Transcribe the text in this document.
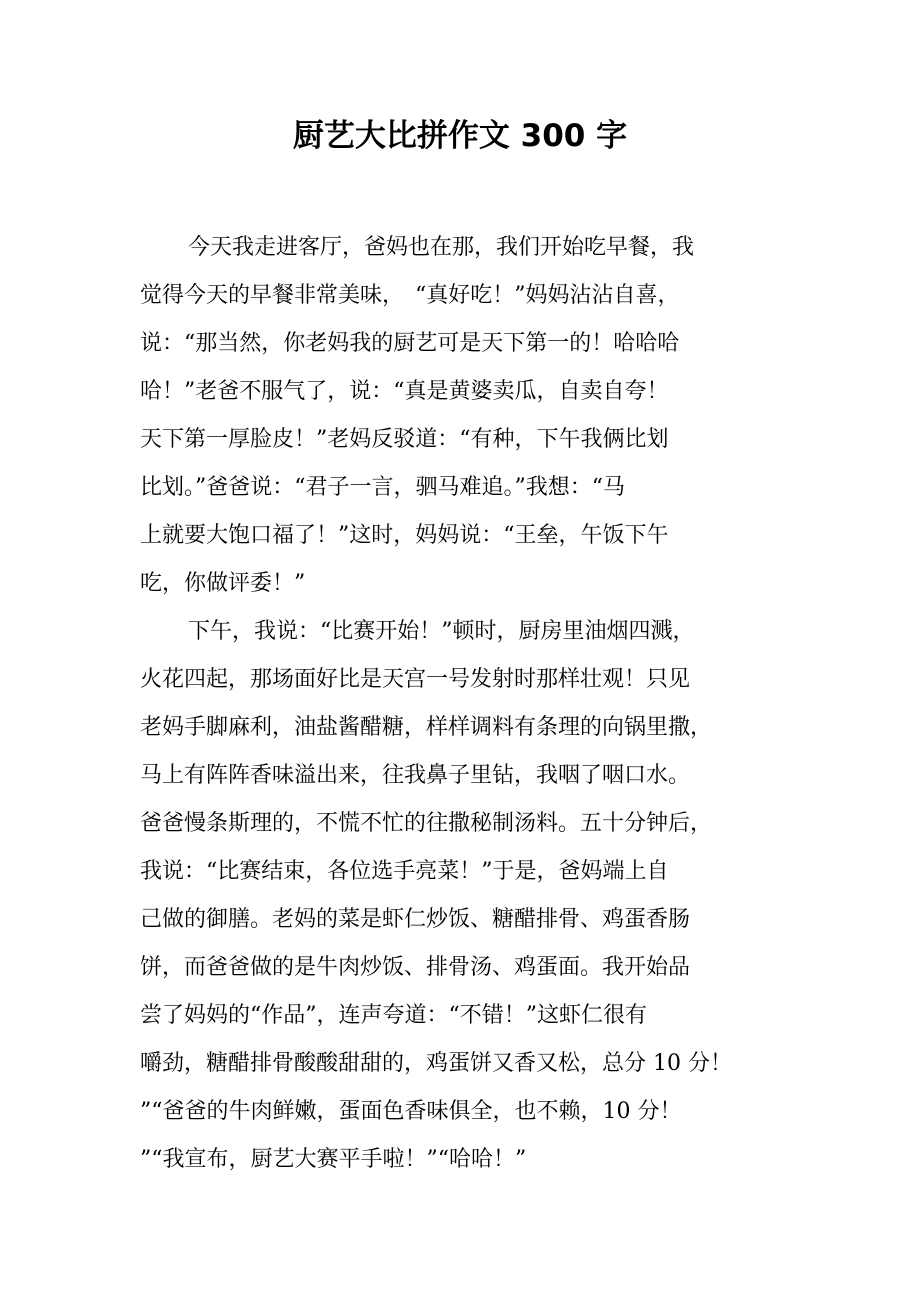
厨艺大比拼作文 300 字

今天我走进客厅，爸妈也在那，我们开始吃早餐，我

觉得今天的早餐非常美味，　“真好吃！”妈妈沾沾自喜，

说：“那当然，你老妈我的厨艺可是天下第一的！哈哈哈

哈！”老爸不服气了，说：“真是黄婆卖瓜，自卖自夸！

天下第一厚脸皮！”老妈反驳道：“有种，下午我俩比划

比划。”爸爸说：“君子一言，驷马难追。”我想：“马

上就要大饱口福了！”这时，妈妈说：“王垒，午饭下午

吃，你做评委！”

下午，我说：“比赛开始！”顿时，厨房里油烟四溅，

火花四起，那场面好比是天宫一号发射时那样壮观！只见

老妈手脚麻利，油盐酱醋糖，样样调料有条理的向锅里撒，

马上有阵阵香味溢出来，往我鼻子里钻，我咽了咽口水。

爸爸慢条斯理的，不慌不忙的往撒秘制汤料。五十分钟后，

我说：“比赛结束，各位选手亮菜！”于是，爸妈端上自

己做的御膳。老妈的菜是虾仁炒饭、糖醋排骨、鸡蛋香肠

饼，而爸爸做的是牛肉炒饭、排骨汤、鸡蛋面。我开始品

尝了妈妈的“作品”，连声夸道：“不错！”这虾仁很有

嚼劲，糖醋排骨酸酸甜甜的，鸡蛋饼又香又松，总分 10 分！

”“爸爸的牛肉鲜嫩，蛋面色香味俱全，也不赖，10 分！

”“我宣布，厨艺大赛平手啦！”“哈哈！”
